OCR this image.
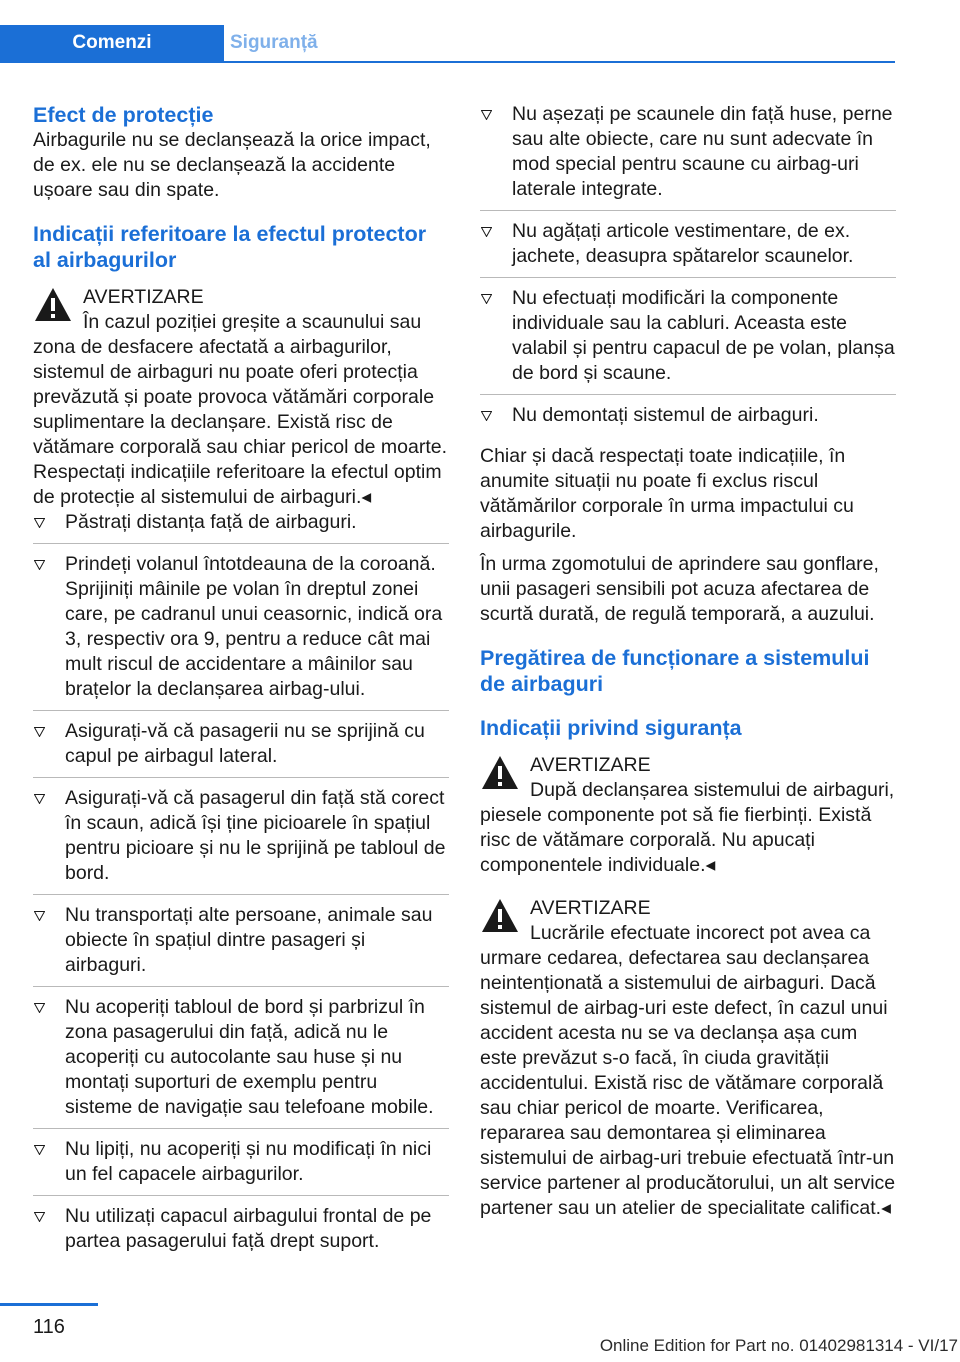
Comenzi	Siguranță
Efect de protecție

Airbagurile nu se declanșează la orice impact, de ex. ele nu se declanșează la accidente ușoare sau din spate.

Indicații referitoare la efectul protector al airbagurilor
AVERTIZARE

În cazul poziției greșite a scaunului sau zona de desfacere afectată a airbagurilor, sistemul de airbaguri nu poate oferi protecția prevăzută și poate provoca vătămări corporale suplimentare la declanșare. Există risc de vătămare corporală sau chiar pericol de moarte. Respectați indicațiile referitoare la efectul optim de protecție al sistemului de airbaguri.◂

Păstrați distanța față de airbaguri.
Prindeți volanul întotdeauna de la coroană. Sprijiniți mâinile pe volan în dreptul zonei care, pe cadranul unui ceasornic, indică ora 3, respectiv ora 9, pentru a reduce cât mai mult riscul de accidentare a mâinilor sau brațelor la declanșarea airbag-ului.
Asigurați-vă că pasagerii nu se sprijină cu capul pe airbagul lateral.
Asigurați-vă că pasagerul din față stă corect în scaun, adică își ține picioarele în spațiul pentru picioare și nu le sprijină pe tabloul de bord.
Nu transportați alte persoane, animale sau obiecte în spațiul dintre pasageri și airbaguri.
Nu acoperiți tabloul de bord și parbrizul în zona pasagerului din față, adică nu le acoperiți cu autocolante sau huse și nu montați suporturi de exemplu pentru sisteme de navigație sau telefoane mobile.
Nu lipiți, nu acoperiți și nu modificați în nici un fel capacele airbagurilor.
Nu utilizați capacul airbagului frontal de pe partea pasagerului față drept suport.
Nu așezați pe scaunele din față huse, perne sau alte obiecte, care nu sunt adecvate în mod special pentru scaune cu airbag-uri laterale integrate.
Nu agățați articole vestimentare, de ex. jachete, deasupra spătarelor scaunelor.
Nu efectuați modificări la componente individuale sau la cabluri. Aceasta este valabil și pentru capacul de pe volan, planșa de bord și scaune.
Nu demontați sistemul de airbaguri.

Chiar și dacă respectați toate indicațiile, în anumite situații nu poate fi exclus riscul vătămărilor corporale în urma impactului cu airbagurile.

În urma zgomotului de aprindere sau gonflare, unii pasageri sensibili pot acuza afectarea de scurtă durată, de regulă temporară, a auzului.

Pregătirea de funcționare a sistemului de airbaguri
Indicații privind siguranța
AVERTIZARE

După declanșarea sistemului de airbaguri, piesele componente pot să fie fierbinți. Există risc de vătămare corporală. Nu apucați componentele individuale.◂

AVERTIZARE

Lucrările efectuate incorect pot avea ca urmare cedarea, defectarea sau declanșarea neintenționată a sistemului de airbaguri. Dacă sistemul de airbag-uri este defect, în cazul unui accident acesta nu se va declanșa așa cum este prevăzut s-o facă, în ciuda gravității accidentului. Există risc de vătămare corporală sau chiar pericol de moarte. Verificarea, repararea sau demontarea și eliminarea sistemului de airbag-uri trebuie efectuată într-un service partener al producătorului, un alt service partener sau un atelier de specialitate calificat.◂

116
Online Edition for Part no. 01402981314 - VI/17
